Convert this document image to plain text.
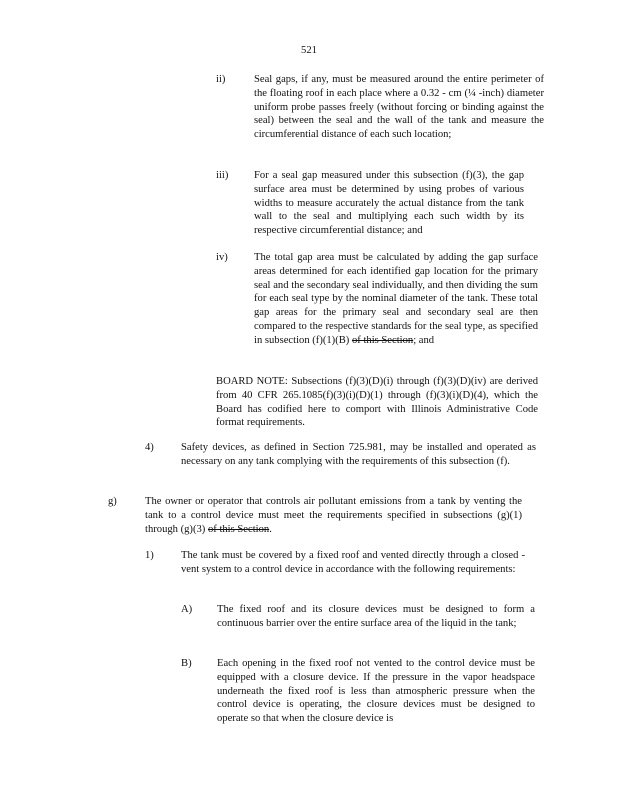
521
ii)	Seal gaps, if any, must be measured around the entire perimeter of the floating roof in each place where a 0.32 - cm (¼ -inch) diameter uniform probe passes freely (without forcing or binding against the seal) between the seal and the wall of the tank and measure the circumferential distance of each such location;
iii) For a seal gap measured under this subsection (f)(3), the gap surface area must be determined by using probes of various widths to measure accurately the actual distance from the tank wall to the seal and multiplying each such width by its respective circumferential distance; and
iv) The total gap area must be calculated by adding the gap surface areas determined for each identified gap location for the primary seal and the secondary seal individually, and then dividing the sum for each seal type by the nominal diameter of the tank. These total gap areas for the primary seal and secondary seal are then compared to the respective standards for the seal type, as specified in subsection (f)(1)(B) of this Section; and
BOARD NOTE: Subsections (f)(3)(D)(i) through (f)(3)(D)(iv) are derived from 40 CFR 265.1085(f)(3)(i)(D)(1) through (f)(3)(i)(D)(4), which the Board has codified here to comport with Illinois Administrative Code format requirements.
4)	Safety devices, as defined in Section 725.981, may be installed and operated as necessary on any tank complying with the requirements of this subsection (f).
g)	The owner or operator that controls air pollutant emissions from a tank by venting the tank to a control device must meet the requirements specified in subsections (g)(1) through (g)(3) of this Section.
1)	The tank must be covered by a fixed roof and vented directly through a closed -vent system to a control device in accordance with the following requirements:
A) The fixed roof and its closure devices must be designed to form a continuous barrier over the entire surface area of the liquid in the tank;
B) Each opening in the fixed roof not vented to the control device must be equipped with a closure device. If the pressure in the vapor headspace underneath the fixed roof is less than atmospheric pressure when the control device is operating, the closure devices must be designed to operate so that when the closure device is
